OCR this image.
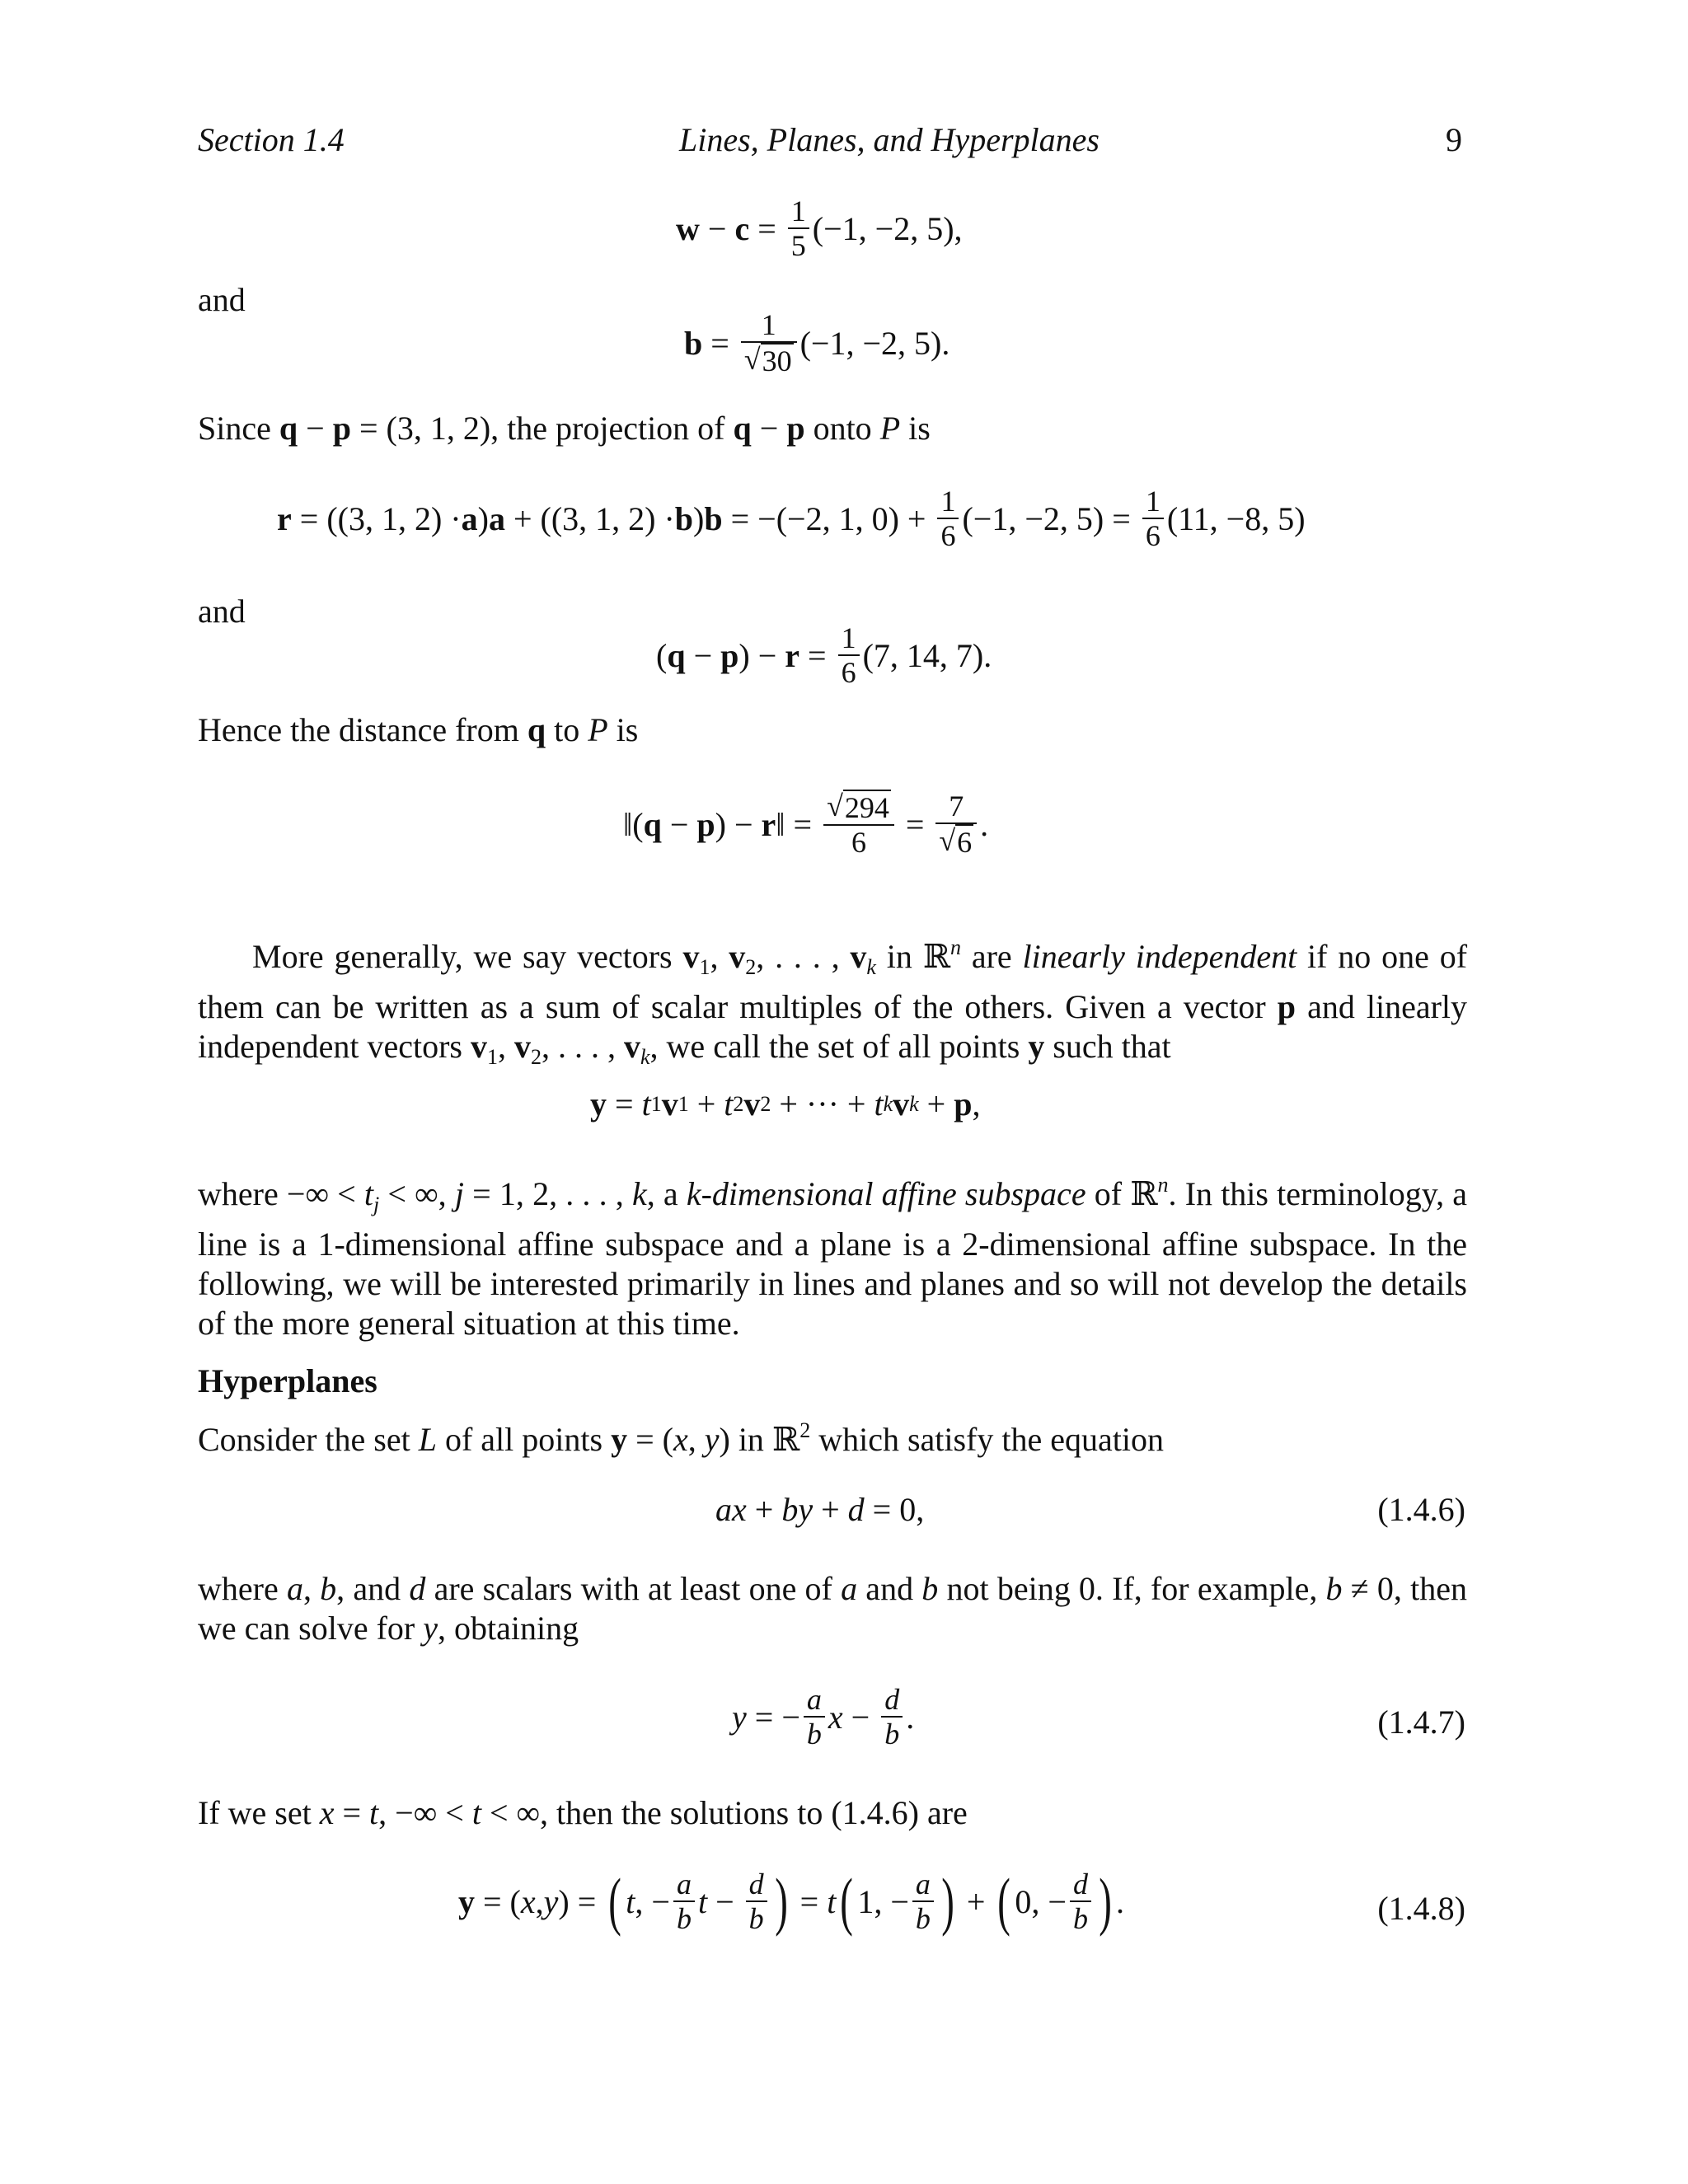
Section 1.4	Lines, Planes, and Hyperplanes	9
$w - c = \frac{1}{5} (-1$, −2, 5),
and
$b = \frac{1}{√ 30} (-1$, −2, 5).
Since q − p = (3, 1, 2), the projection of q − p onto P is
r = ((3, 1, 2) · a ) a + ((3, 1, 2) · b ) b = −(−2, 1, $0) + \frac{1}{6} (-1$, −2, 5) =
$\frac{1}{6} (11$, −8, 5)
and
( q − p ) − $r = \frac{1}{6} (7$, 14, 7).
Hence the distance from q to P is
‖( q − p ) − r ‖ = $\frac{√ 294}{6} = \frac{7}{√ 6}$ .
More generally, we say vectors $v_1$, $v_2$, . . . , $v_k$ in ℝ$^n$ are linearly independent if no one of them can be written as a sum of scalar multiples of the others. Given a vector p and linearly independent vectors $v_1$, $v_2$, . . . , $v_k$, we call the set of all points y such that
y = t 1 v 1 + t 2 v 2 + ··· + t k v k + p ,
where −∞ < $t_j$ < ∞, j = 1, 2, . . . , k, a k-dimensional affine subspace of ℝ$^n$. In this terminology, a line is a 1-dimensional affine subspace and a plane is a 2-dimensional affine subspace. In the following, we will be interested primarily in lines and planes and so will not develop the details of the more general situation at this time.
Hyperplanes
Consider the set L of all points y = (x, y) in ℝ$^2$ which satisfy the equation
ax + by + d = 0,	(1.4.6)
where a, b, and d are scalars with at least one of a and b not being 0. If, for example, b ≠ 0, then we can solve for y, obtaining
y = − $\frac{a}{b}$ $x - \frac{d}{b}$ .	(1.4.7)
If we set x = t, −∞ < t < ∞, then the solutions to (1.4.6) are
y = ( x , y ) = ( t , − $\frac{a}{b}$ $t - \frac{d}{b}$ ) = t ( 1, − $\frac{a}{b}$ ) + ( 0, − $\frac{d}{b}$ ) .	(1.4.8)
